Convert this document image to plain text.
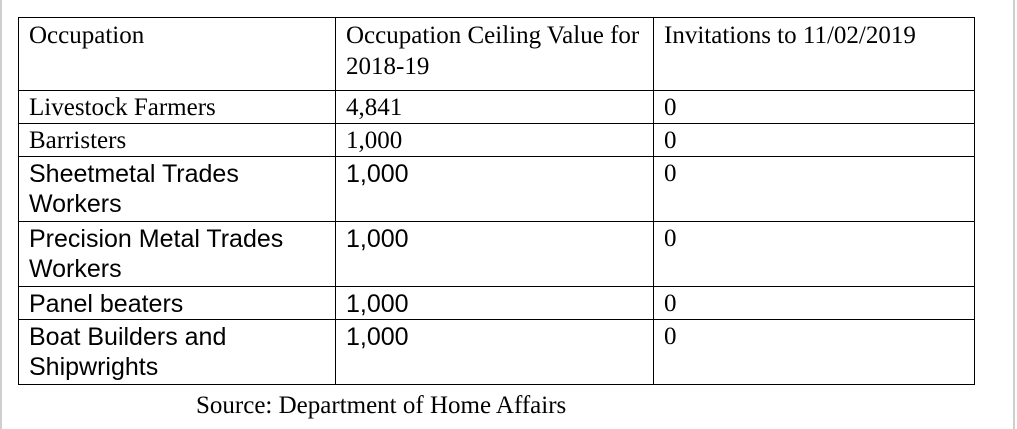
Occupation	Occupation Ceiling Value for 2018-19	Invitations to 11/02/2019
Livestock Farmers	4,841	0
Barristers	1,000	0
Sheetmetal Trades Workers	1,000	0
Precision Metal Trades Workers	1,000	0
Panel beaters	1,000	0
Boat Builders and Shipwrights	1,000	0
Source: Department of Home Affairs
